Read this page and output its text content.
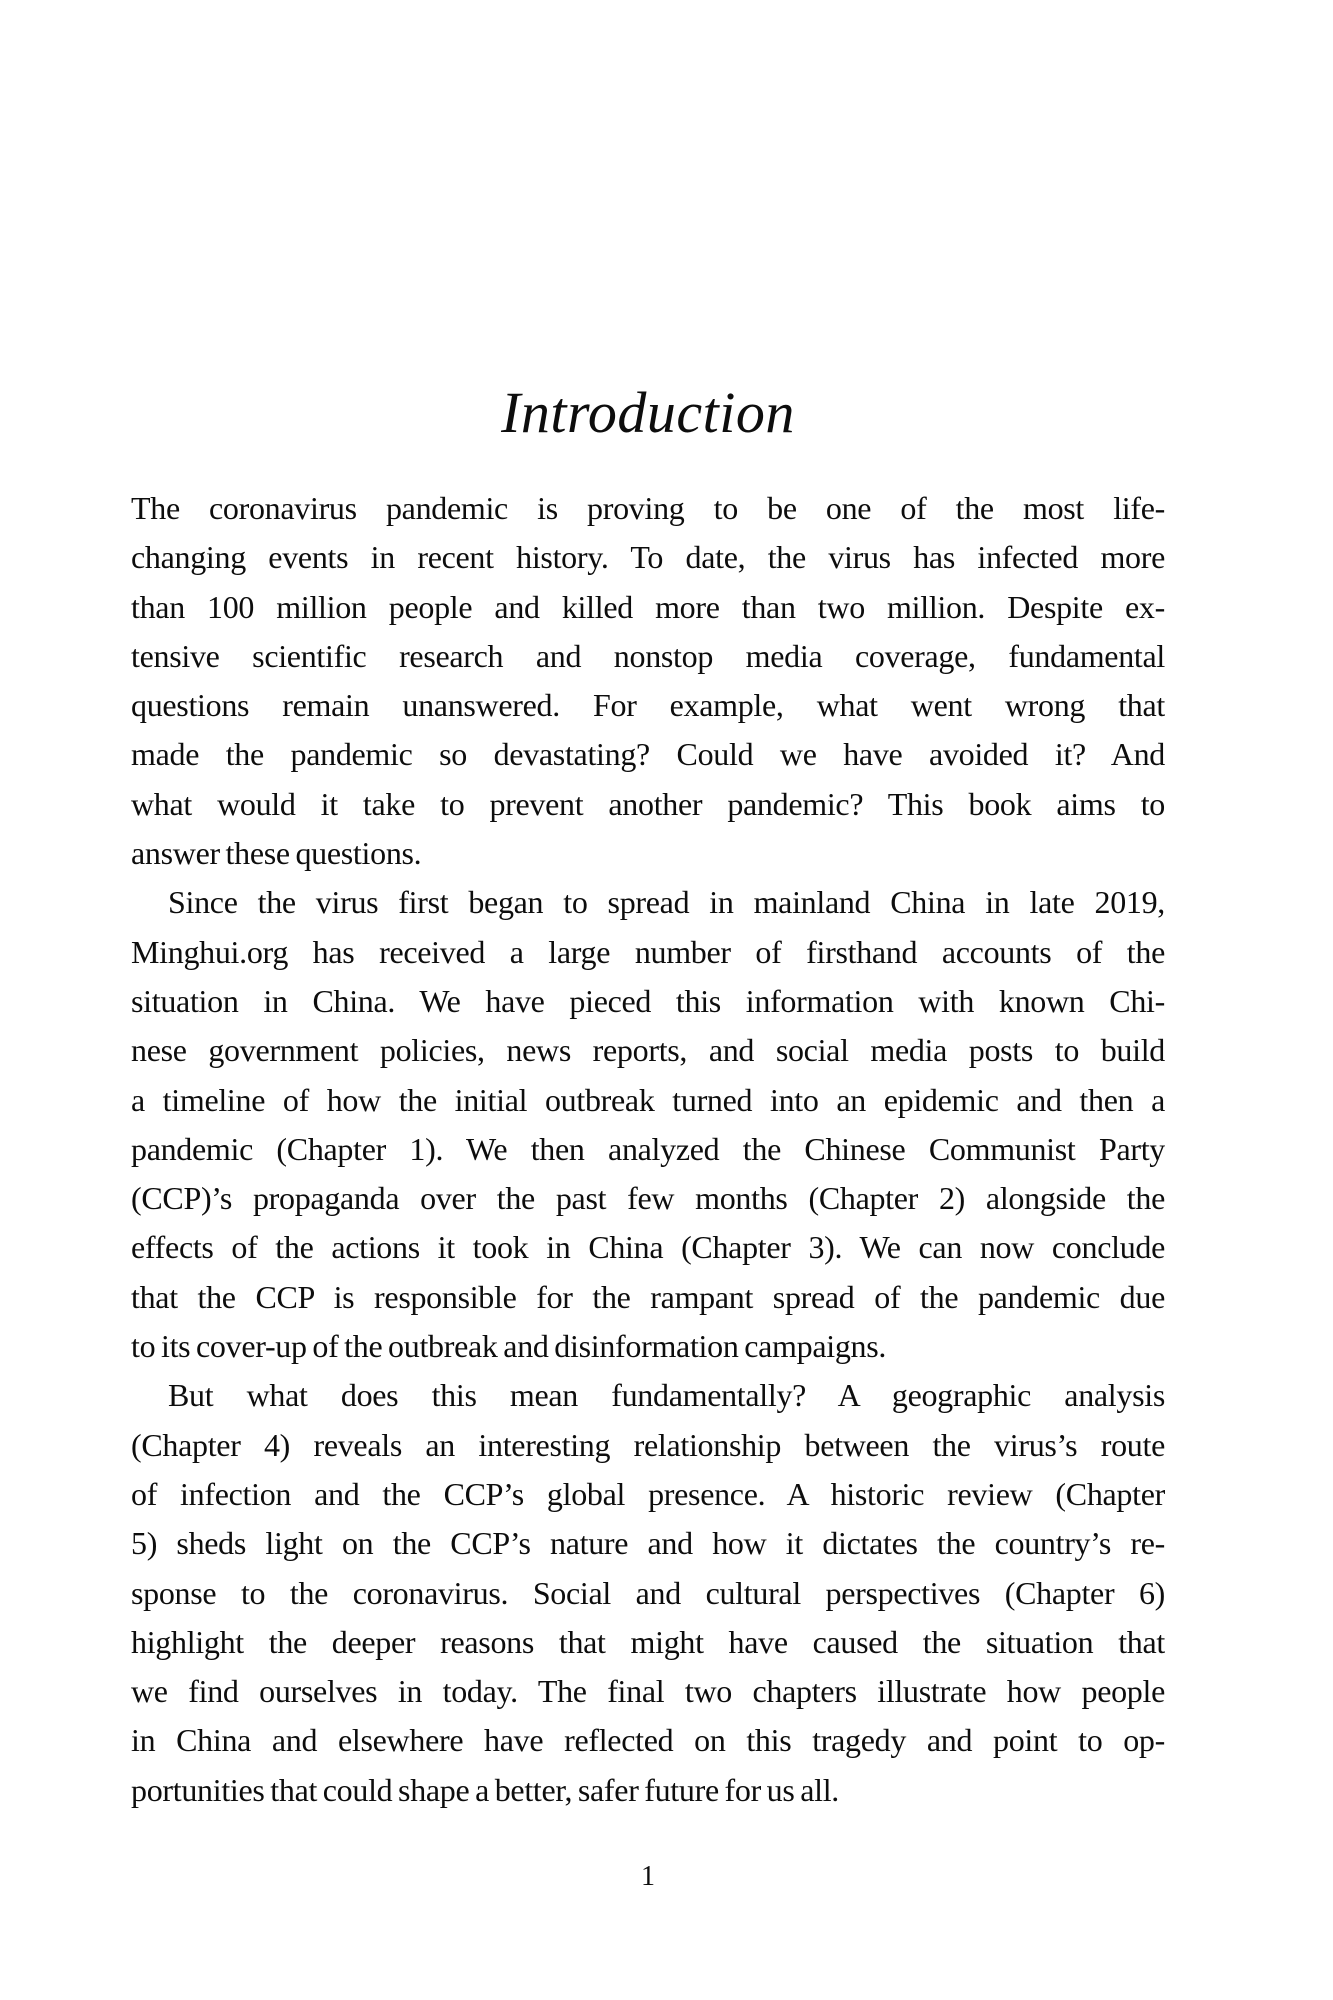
Introduction
The coronavirus pandemic is proving to be one of the most life-
changing events in recent history. To date, the virus has infected more
than 100 million people and killed more than two million. Despite ex-
tensive scientific research and nonstop media coverage, fundamental
questions remain unanswered. For example, what went wrong that
made the pandemic so devastating? Could we have avoided it? And
what would it take to prevent another pandemic? This book aims to
answer these questions.
Since the virus first began to spread in mainland China in late 2019,
Minghui.org has received a large number of firsthand accounts of the
situation in China. We have pieced this information with known Chi-
nese government policies, news reports, and social media posts to build
a timeline of how the initial outbreak turned into an epidemic and then a
pandemic (Chapter 1). We then analyzed the Chinese Communist Party
(CCP)’s propaganda over the past few months (Chapter 2) alongside the
effects of the actions it took in China (Chapter 3). We can now conclude
that the CCP is responsible for the rampant spread of the pandemic due
to its cover-up of the outbreak and disinformation campaigns.
But what does this mean fundamentally? A geographic analysis
(Chapter 4) reveals an interesting relationship between the virus’s route
of infection and the CCP’s global presence. A historic review (Chapter
5) sheds light on the CCP’s nature and how it dictates the country’s re-
sponse to the coronavirus. Social and cultural perspectives (Chapter 6)
highlight the deeper reasons that might have caused the situation that
we find ourselves in today. The final two chapters illustrate how people
in China and elsewhere have reflected on this tragedy and point to op-
portunities that could shape a better, safer future for us all.
1
